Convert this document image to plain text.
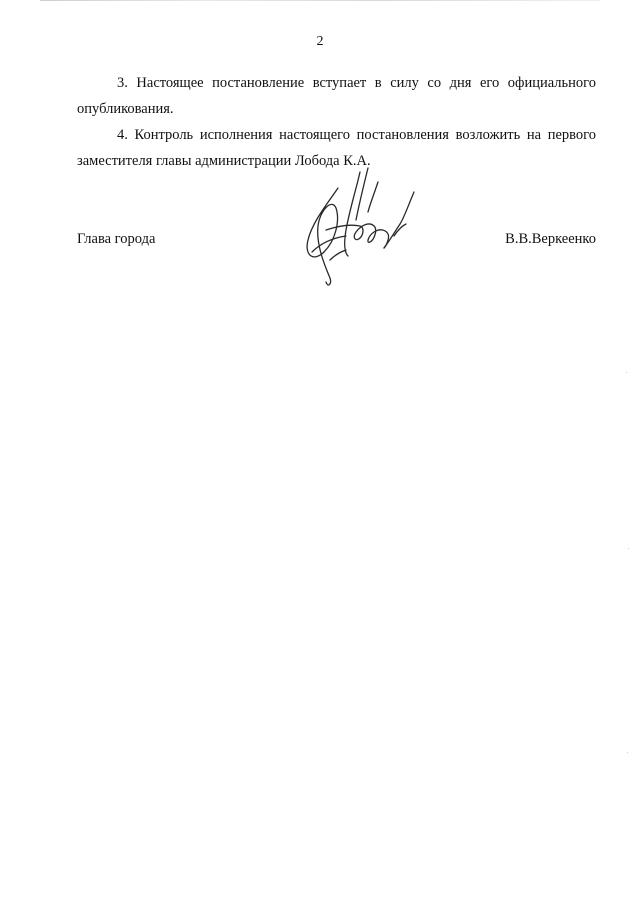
2

3. Настоящее постановление вступает в силу со дня его официального опубликования.

4. Контроль исполнения настоящего постановления возложить на первого заместителя главы администрации Лобода К.А.

Глава города	В.В.Веркеенко
